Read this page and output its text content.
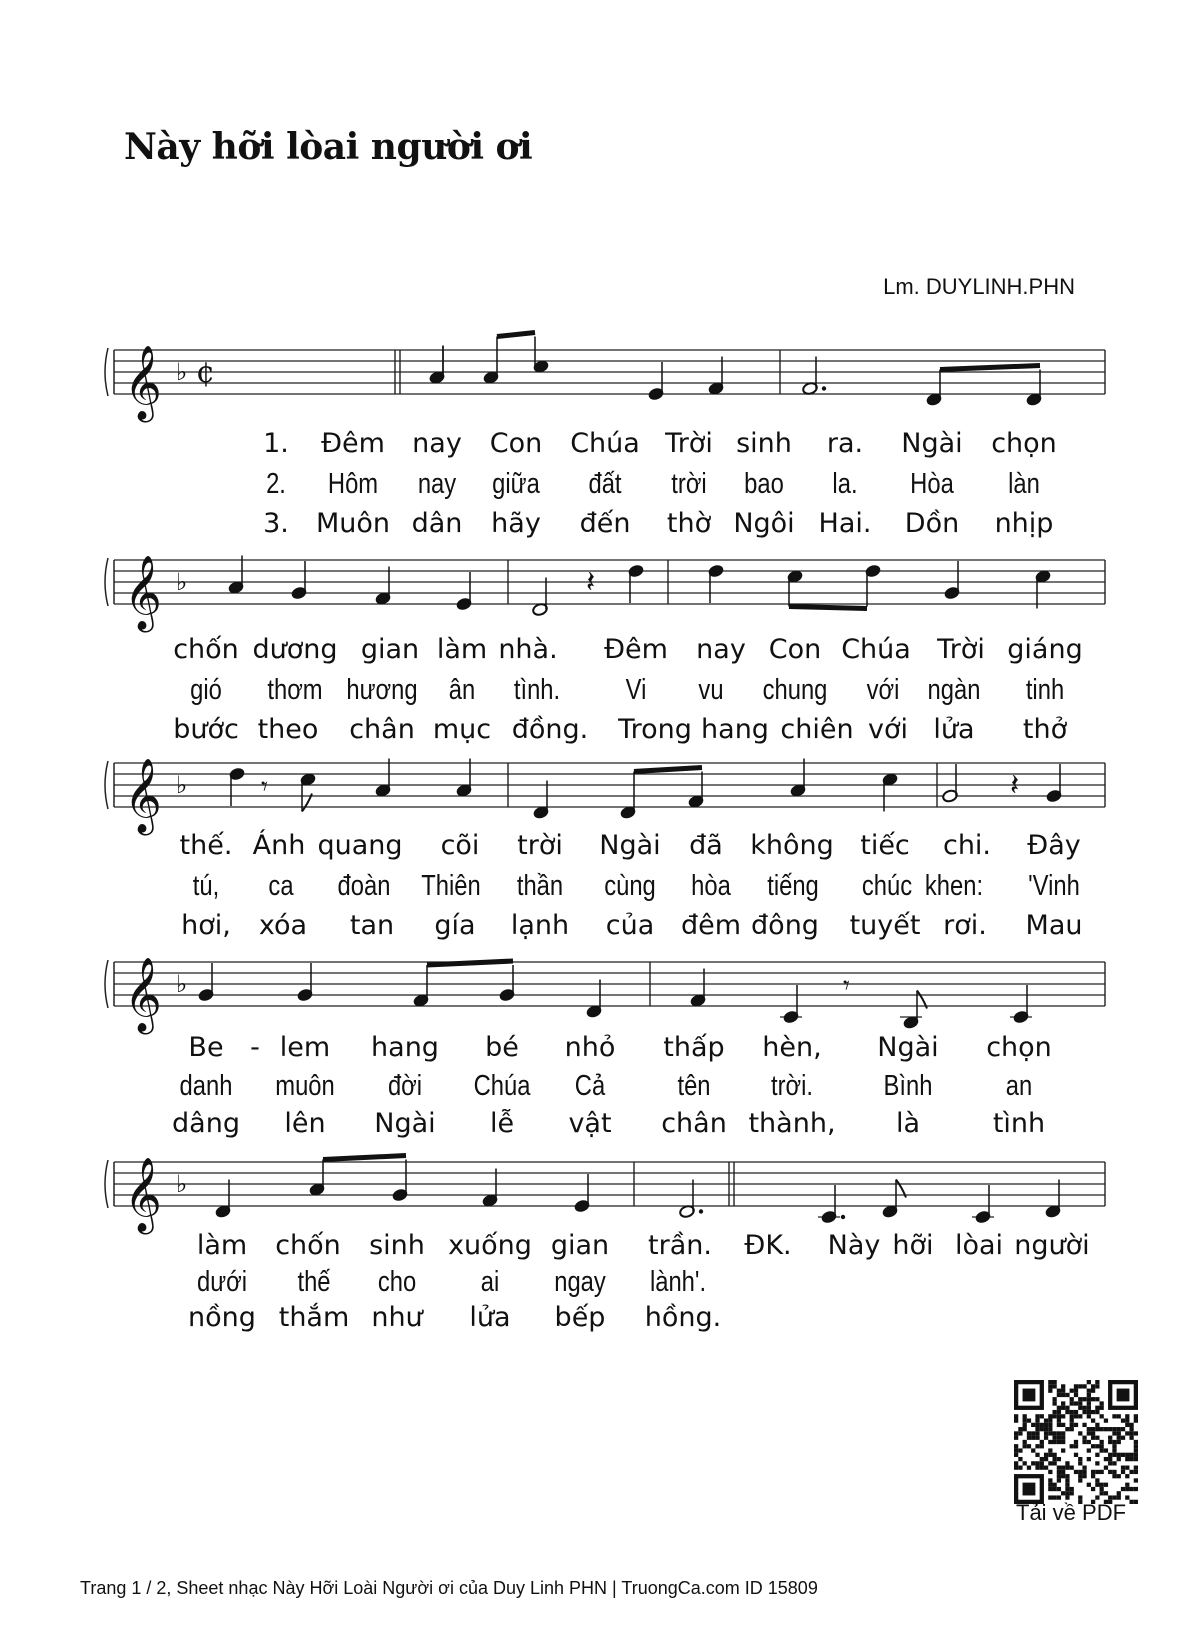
Này hỡi lòai người ơi
Lm. DUYLINH.PHN
𝄞 ♭ ¢
𝄞 ♭	𝄽
𝄞 ♭	𝄾	𝄽
𝄞 ♭	𝄾
𝄞 ♭
1. Đêm nay Con Chúa Trời sinh ra. Ngài chọn
2. Hôm nay giữa đất trời bao la. Hòa làn
3. Muôn dân hãy đến thờ Ngôi Hai. Dồn nhịp
chốn dương gian làm nhà. Đêm nay Con Chúa Trời giáng
gió thơm hương ân tình. Vi vu chung với ngàn tinh
bước theo chân mục đồng. Trong hang chiên với lửa thở
thế. Ánh quang cõi trời Ngài đã không tiếc chi. Đây
tú, ca đoàn Thiên thần cùng hòa tiếng chúc khen: 'Vinh
hơi, xóa tan gía lạnh của đêm đông tuyết rơi. Mau
Be - lem hang bé nhỏ thấp hèn, Ngài chọn
danh muôn đời Chúa Cả tên trời. Bình	an
dâng lên Ngài lễ vật chân thành, là	tình
làm chốn sinh xuống gian trần. ĐK. Này hỡi lòai người
dưới thế cho ai ngay lành'.
nồng thắm như lửa bếp hồng.
Tải về PDF
Trang 1 / 2, Sheet nhạc Này Hỡi Loài Người ơi của Duy Linh PHN | TruongCa.com ID 15809
